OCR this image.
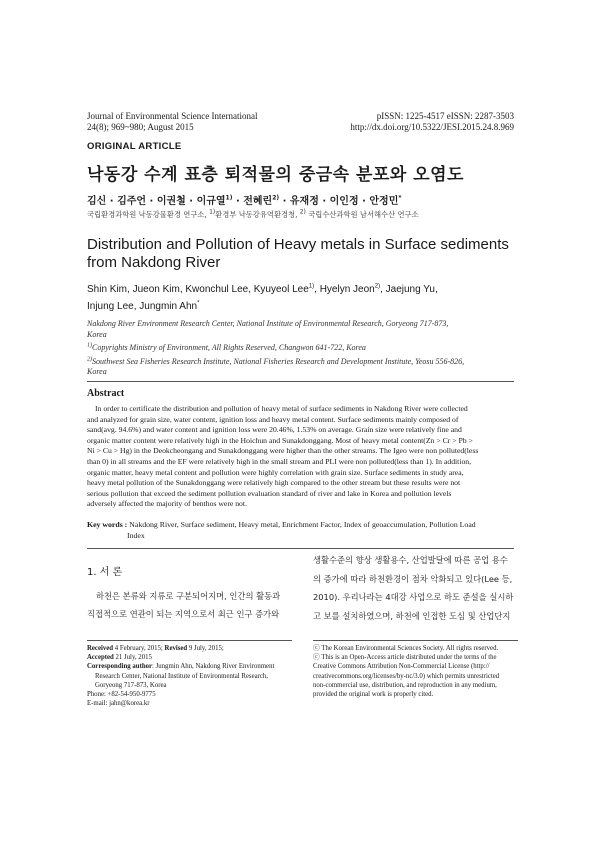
Journal of Environmental Science International
24(8); 969~980; August 2015
pISSN: 1225-4517 eISSN: 2287-3503
http://dx.doi.org/10.5322/JESI.2015.24.8.969
ORIGINAL ARTICLE
낙동강 수계 표층 퇴적물의 중금속 분포와 오염도
김신 · 김주언 · 이권철 · 이규열$^{1)}$ · 전혜린$^{2)}$ · 유재정 · 이인정 · 안정민*
국립환경과학원 낙동강물환경 연구소, $^{1)}$환경부 낙동강유역환경청, $^{2)}$ 국립수산과학원 남서해수산 연구소
Distribution and Pollution of Heavy metals in Surface sediments
from Nakdong River
Shin Kim, Jueon Kim, Kwonchul Lee, Kyuyeol Lee$^{1)}$, Hyelyn Jeon$^{2)}$, Jaejung Yu,
Injung Lee, Jungmin Ahn*
Nakdong River Environment Research Center, National Institute of Environmental Research, Goryeong 717-873,
Korea
$^{1)}$Copyrights Ministry of Environment, All Rights Reserved, Changwon 641-722, Korea
$^{2)}$Southwest Sea Fisheries Research Institute, National Fisheries Research and Development Institute, Yeosu 556-826,
Korea
Abstract
In order to certificate the distribution and pollution of heavy metal of surface sediments in Nakdong River were collected
and analyzed for grain size, water content, ignition loss and heavy metal content. Surface sediments mainly composed of
sand(avg. 94.6%) and water content and ignition loss were 20.46%, 1.53% on average. Grain size were relatively fine and
organic matter content were relatively high in the Hoichun and Sunakdonggang. Most of heavy metal content(Zn > Cr > Pb >
Ni > Cu > Hg) in the Deokcheongang and Sunakdonggang were higher than the other streams. The Igeo were non polluted(less
than 0) in all streams and the EF were relatively high in the small stream and PLI were non polluted(less than 1). In addition,
organic matter, heavy metal content and pollution were highly correlation with grain size. Surface sediments in study area,
heavy metal pollution of the Sunakdonggang were relatively high compared to the other stream but these results were not
serious pollution that exceed the sediment pollution evaluation standard of river and lake in Korea and pollution levels
adversely affected the majority of benthos were not.
Key words : Nakdong River, Surface sediment, Heavy metal, Enrichment Factor, Index of geoaccumulation, Pollution Load
Index
1. 서 론
하천은 본류와 지류로 구분되어지며, 인간의 활동과
직접적으로 연관이 되는 지역으로서 최근 인구 증가와
생활수준의 향상 생활용수, 산업발달에 따른 공업 용수
의 증가에 따라 하천환경이 점차 악화되고 있다(Lee 등,
2010). 우리나라는 4대강 사업으로 하도 준설을 실시하
고 보를 설치하였으며, 하천에 인접한 도심 및 산업단지
Received 4 February, 2015; Revised 9 July, 2015;
Accepted 21 July, 2015
Corresponding author: Jungmin Ahn, Nakdong River Environment
Research Center, National Institute of Environmental Research,
Goryeong 717-873, Korea
Phone: +82-54-950-9775
E-mail: jahn@korea.kr
ⓒ The Korean Environmental Sciences Society. All rights reserved.
ⓒ This is an Open-Access article distributed under the terms of the
Creative Commons Attribution Non-Commercial License (http://
creativecommons.org/licenses/by-nc/3.0) which permits unrestricted
non-commercial use, distribution, and reproduction in any medium,
provided the original work is properly cited.
